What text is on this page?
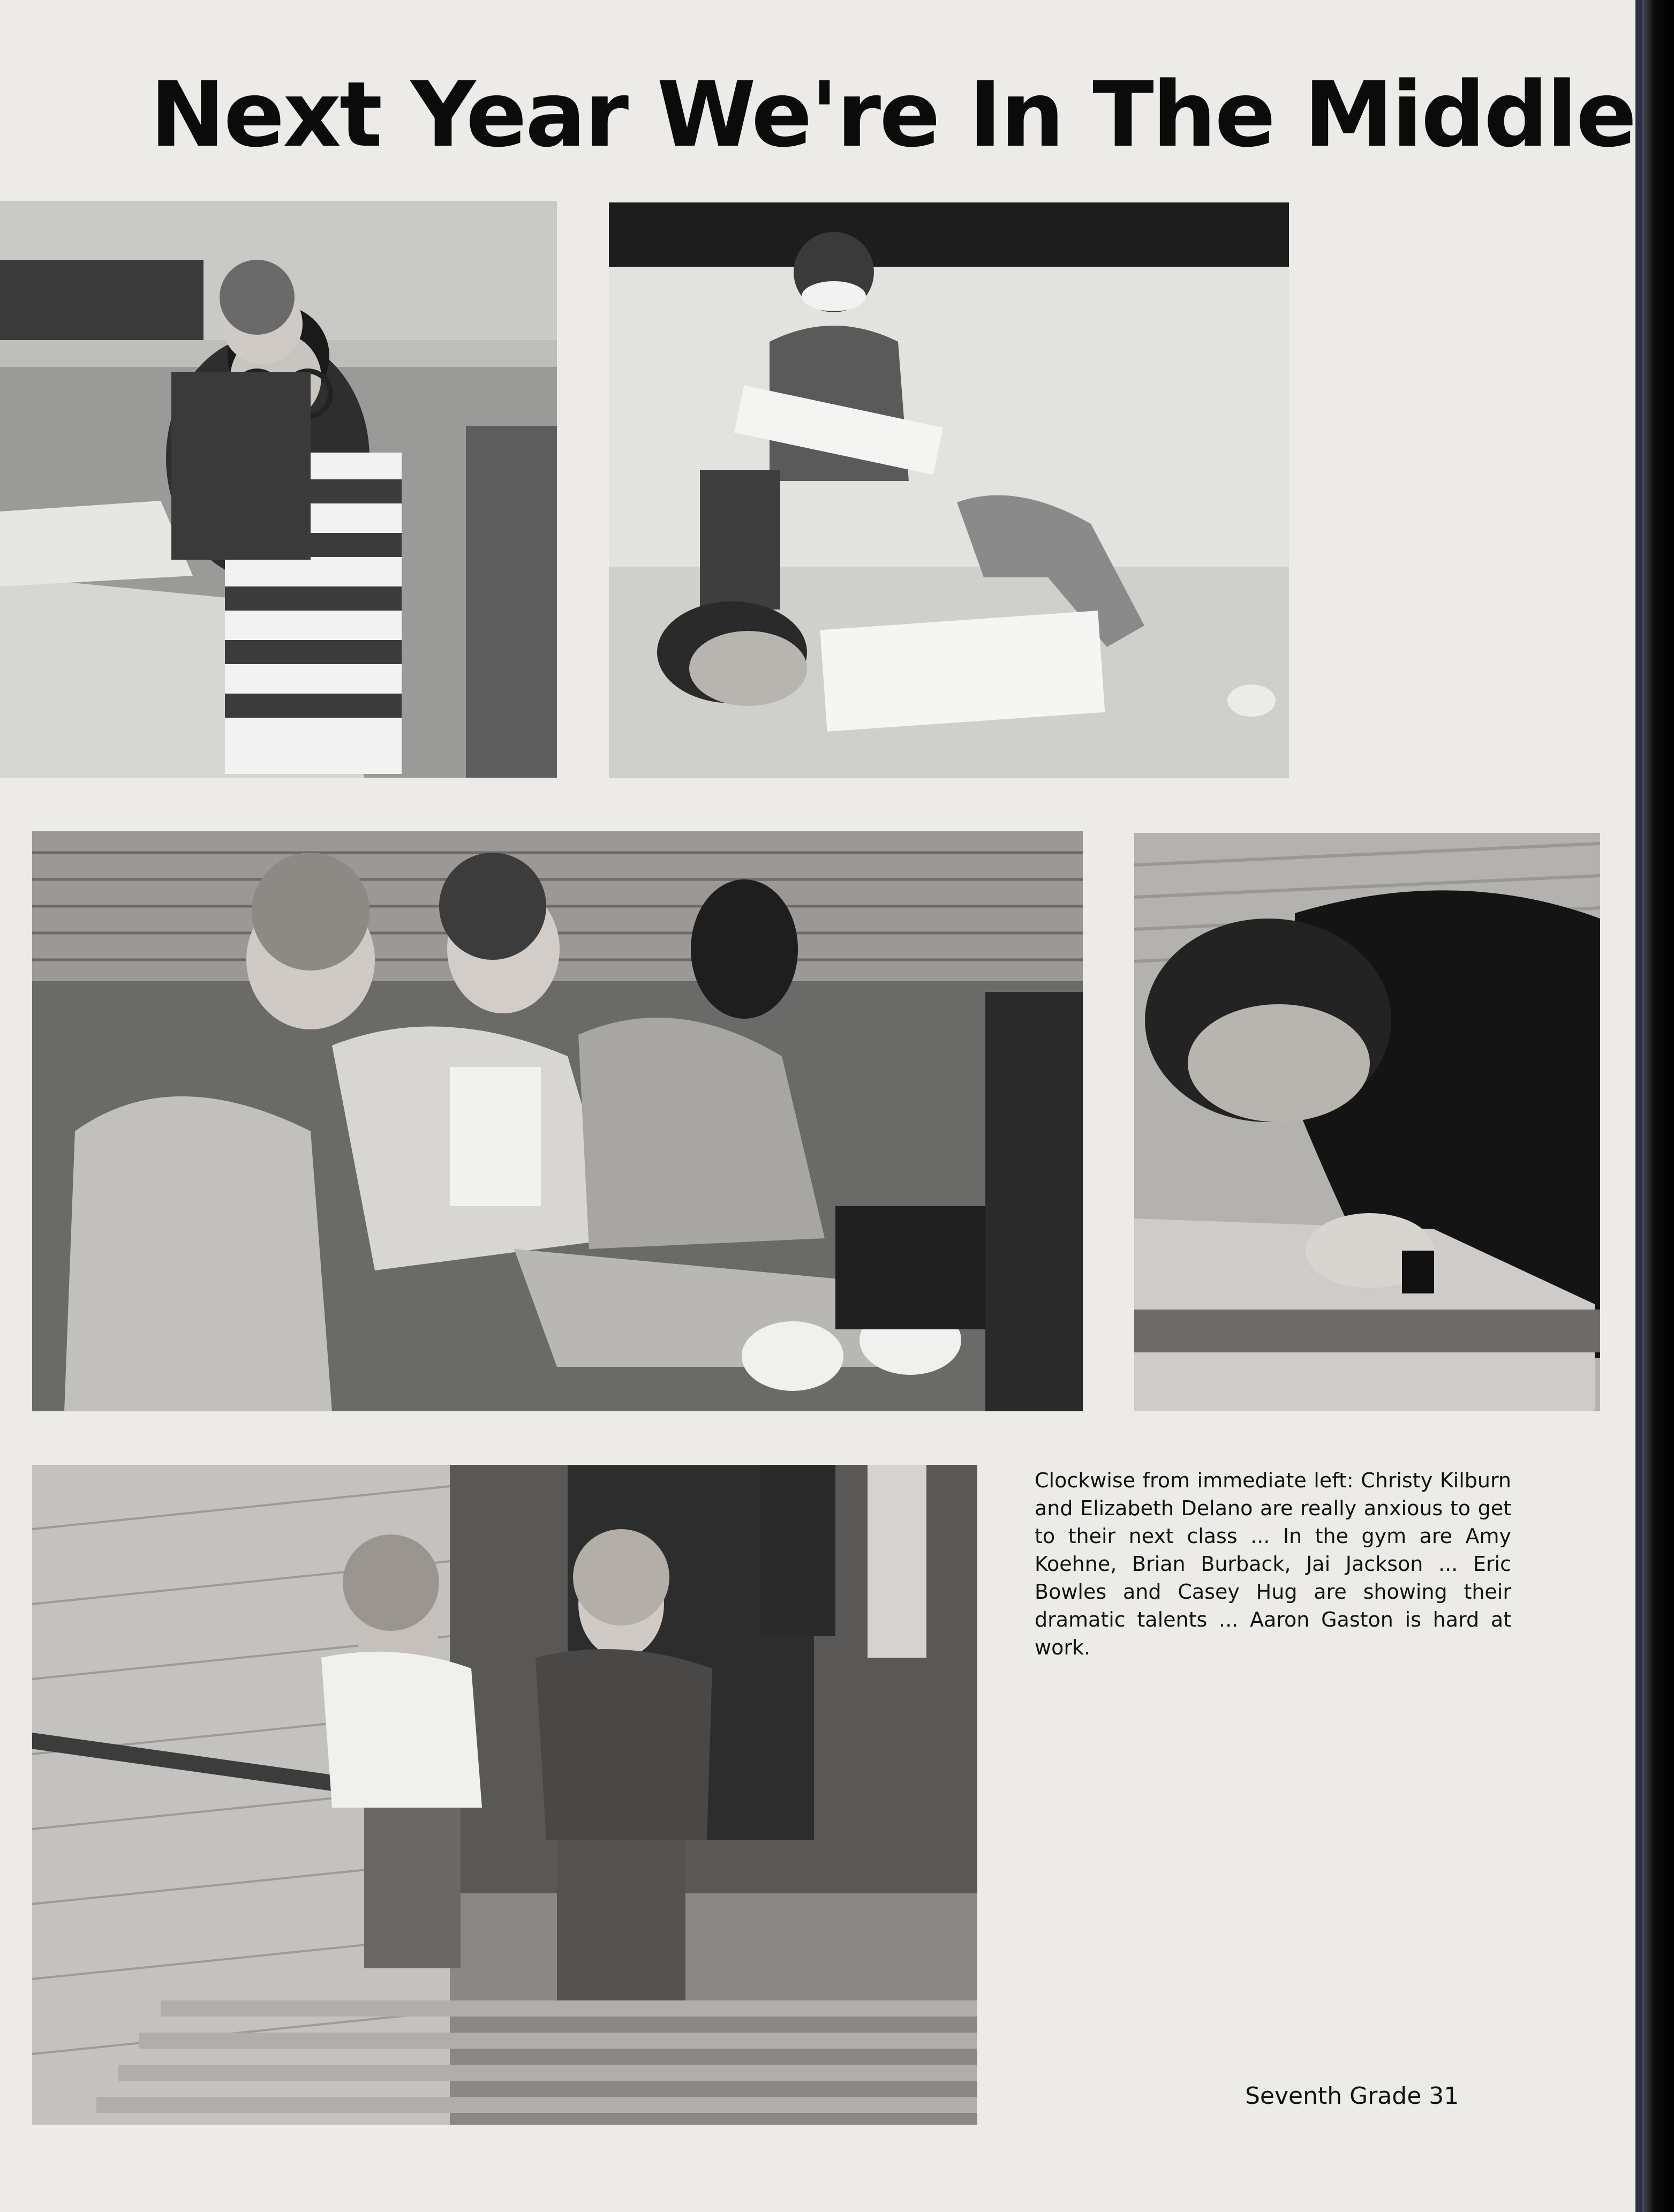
Next Year We're In The Middle
Clockwise from immediate left: Christy Kilburn and Elizabeth Delano are really anxious to get to their next class ... In the gym are Amy Koehne, Brian Burback, Jai Jackson ... Eric Bowles and Casey Hug are showing their dramatic talents ... Aaron Gaston is hard at work.
Seventh Grade 31
